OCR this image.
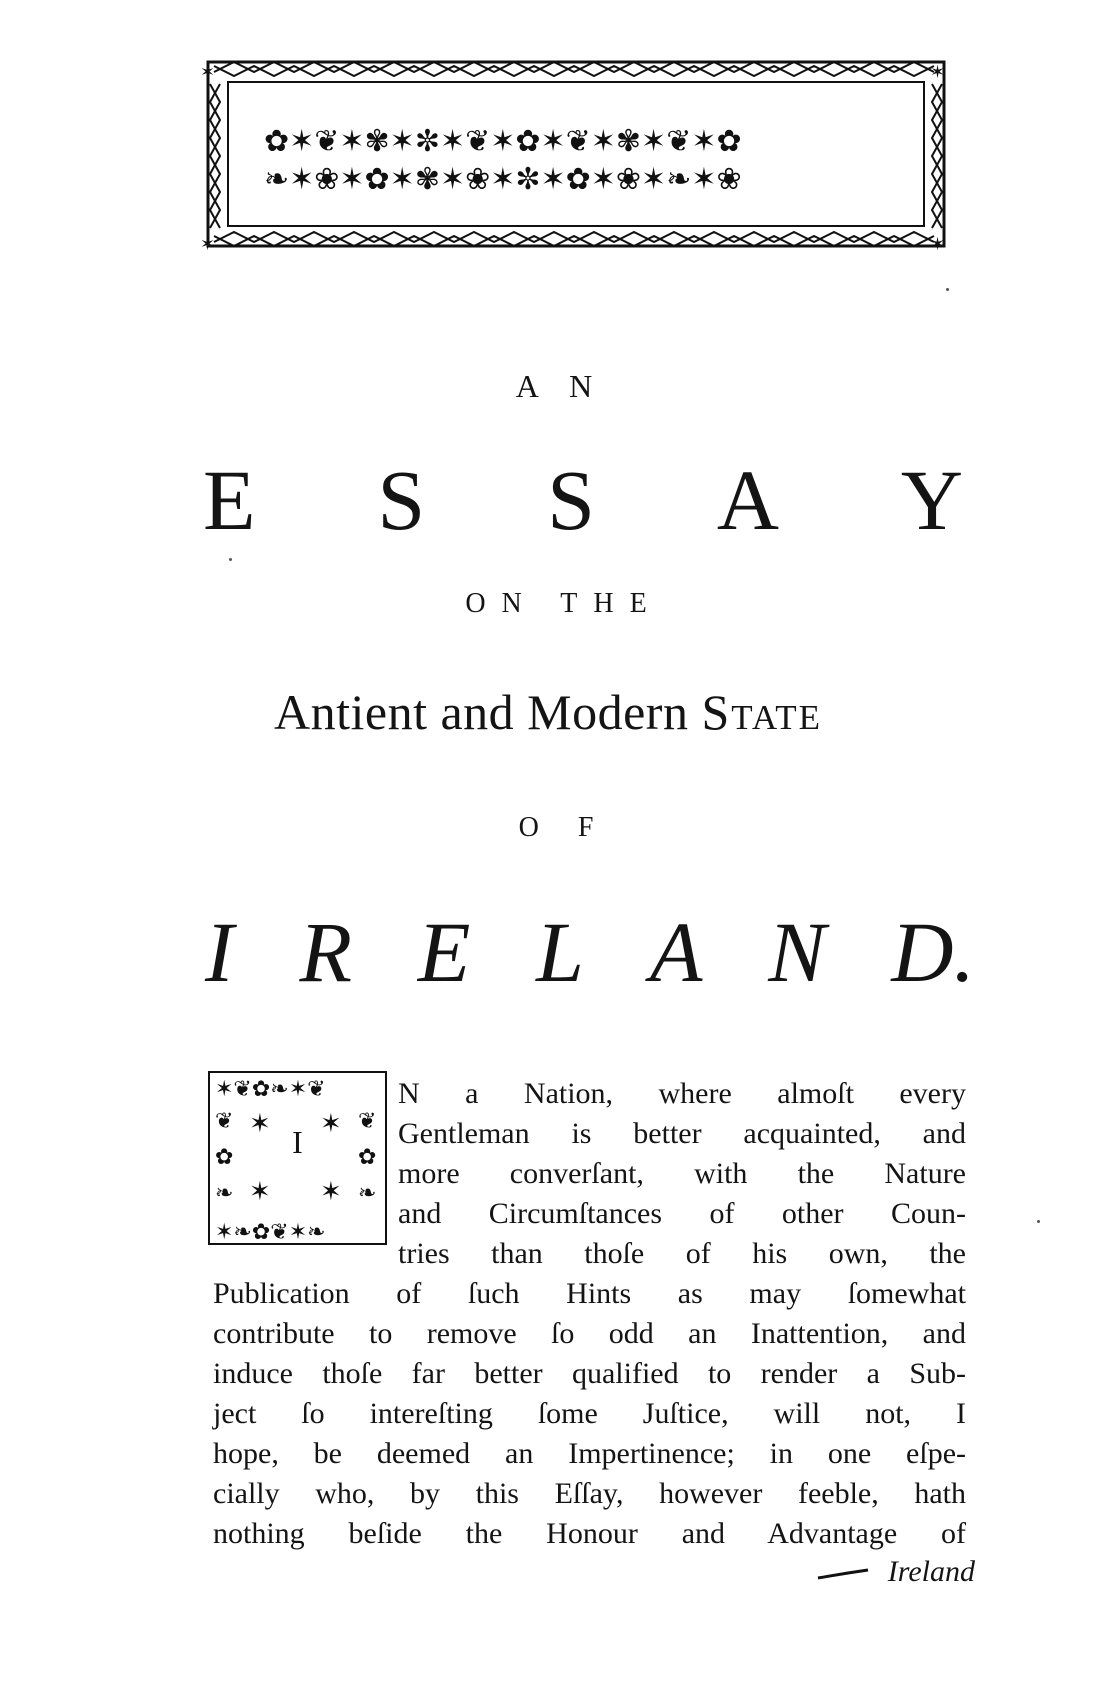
✿✶❦✶✾✶✼✶❦✶✿✶❦✶✾✶❦✶✿
❧✶❀✶✿✶✾✶❀✶✼✶✿✶❀✶❧✶❀
✶	✶
✶	✶
A N
E S S A Y
ON THE
Antient and Modern State
O F
I R E L A N D.
✶❦✿❧✶❦
✶❧✿❦✶❧
❦
✿
❧
❦
✿
❧
✶ ✶
✶ ✶
I
N a Nation, where almoſt every
Gentleman is better acquainted, and
more converſant, with the Nature
and Circumſtances of other Coun-
tries than thoſe of his own, the
Publication of ſuch Hints as may ſomewhat
contribute to remove ſo odd an Inattention, and
induce thoſe far better qualified to render a Sub-
ject ſo intereſting ſome Juſtice, will not, I
hope, be deemed an Impertinence; in one eſpe-
cially who, by this Eſſay, however feeble, hath
nothing beſide the Honour and Advantage of
Ireland
